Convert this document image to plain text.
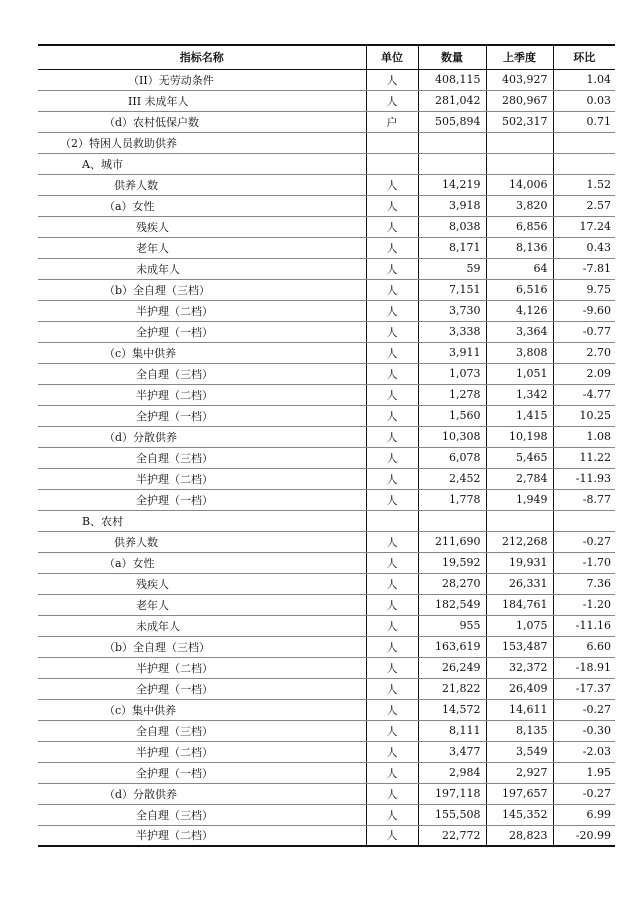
指标名称	单位	数量	上季度	环比
（II）无劳动条件	人	408,115	403,927	1.04
III 未成年人	人	281,042	280,967	0.03
（d）农村低保户数	户	505,894	502,317	0.71
（2）特困人员救助供养				
A、城市				
供养人数	人	14,219	14,006	1.52
（a）女性	人	3,918	3,820	2.57
残疾人	人	8,038	6,856	17.24
老年人	人	8,171	8,136	0.43
未成年人	人	59	64	-7.81
（b）全自理（三档）	人	7,151	6,516	9.75
半护理（二档）	人	3,730	4,126	-9.60
全护理（一档）	人	3,338	3,364	-0.77
（c）集中供养	人	3,911	3,808	2.70
全自理（三档）	人	1,073	1,051	2.09
半护理（二档）	人	1,278	1,342	-4.77
全护理（一档）	人	1,560	1,415	10.25
（d）分散供养	人	10,308	10,198	1.08
全自理（三档）	人	6,078	5,465	11.22
半护理（二档）	人	2,452	2,784	-11.93
全护理（一档）	人	1,778	1,949	-8.77
B、农村				
供养人数	人	211,690	212,268	-0.27
（a）女性	人	19,592	19,931	-1.70
残疾人	人	28,270	26,331	7.36
老年人	人	182,549	184,761	-1.20
未成年人	人	955	1,075	-11.16
（b）全自理（三档）	人	163,619	153,487	6.60
半护理（二档）	人	26,249	32,372	-18.91
全护理（一档）	人	21,822	26,409	-17.37
（c）集中供养	人	14,572	14,611	-0.27
全自理（三档）	人	8,111	8,135	-0.30
半护理（二档）	人	3,477	3,549	-2.03
全护理（一档）	人	2,984	2,927	1.95
（d）分散供养	人	197,118	197,657	-0.27
全自理（三档）	人	155,508	145,352	6.99
半护理（二档）	人	22,772	28,823	-20.99
